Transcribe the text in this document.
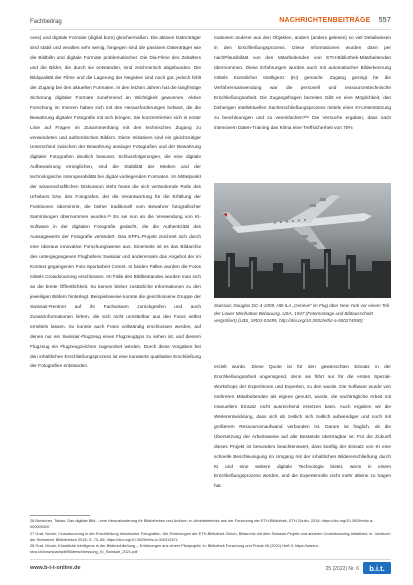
Fachbeitrag	NACHRICHTENBEITRÄGE 557

cess) und digitale Formate (digital born) gleichermaßen. Die aktiven Datenträger sind stabil und veralten sehr wenig, hingegen sind die passiven Datenträger wie die Bildbilln und digitale Formate problematischer. Die Dia-Filme des Zeitalters und die Bilder, die durch sie entstanden, sind zeichnerisch abgebunden. Die Bildqualität der Filme und die Lagerung der Negative sind noch gut, jedoch fehlt der Zugang bei den aktuellen Formaten. In den letzten Jahren hat die langfristige Sicherung digitaler Formate zunehmend an Wichtigkeit gewonnen. Aktive Forschung im Inneren haben sich mit den Herausforderungen befasst, die die Bewahrung digitaler Fotografie mit sich bringen. Sie konzentrierten sich in erster Linie auf Fragen im Zusammenhang mit den technischen Zugang zu verwendeten und authentischen Bildern. Diese Initiativen sind ein gleichzeitiger Unterschied zwischen der Bewahrung analoger Fotografien und der Bewahrung digitaler Fotografien deutlich bewusst. Schlussfolgerungen, die eine digitale Aufbewahrung ermöglichen, sind die Stabilität der Medien und der technologische Interoperabilität bei digital vorliegenden Formaten. Im Mittelpunkt der wissenschaftlichen Diskussion steht heute die sich verändernde Rolle des Urhebers bzw. des Fotografen, der die Verantwortung für die Erfüllung der Funktionen übernimmt, die bisher traditionell vom Bewahrer fotografischer Sammlungen übernommen wurden.²⁶ Es sei nun an die Verwendung von KI-Software in der digitalen Fotografie gedacht, die die Authentizität des Aussagewerts der Fotografie verändert. Das EPFL-Projekt zeichnet sich durch eine überaus innovative Forschungsweise aus. Einerseits ist es das Bildarchiv des untergegangenen Flughafens Swissair und andererseits das Angebot der im Kontext gegangenen Foto-Sportarbeit Comet. In beiden Fällen wurden die Fotos mittels Crowdsourcing erschlossen. Im Falle des Bildbestandes wurden man sich an die breite Öffentlichkeit. So kamen bisher zusätzliche Informationen zu den jeweiligen Bildern hinterlegt. Beispielsweise konnte die geschlossene Gruppe der Swissair-Rentner auf ihr Fachwissen zurückgreifen und auch Zusatzinformationen liefern, die sich nicht unmittelbar aus den Fotos selbst ermitteln lassen. So konnte auch Fotos vollständig erschlossen werden, auf denen nur ein Swissair-Flugzeug eines Flugzeugtyps zu sehen ist, und diesem Flugzeug ein Flugzeugzeichen zugeordnet werden. Durch diese Vorgaben bei den inhaltlichen Erschließungsprozess ist eine kuratierte qualitative Erschließung der Fotografien entstanden.

mationen anderer aus den Objekten, anders (anders gelesen) so viel Detailwissen in den Erschließungsprozess. Diese Informationen wurden dann per nachPlausibilität von den Mitarbeitenden von ETH-Bibliothek-Mitarbeitenden übernommen. Diese Erfahrungen wurden auch mit automatischer Bilderkennung mittels Künstlicher Intelligenz (KI) gemacht. Zugang gezeigt für die Verfahrensanwendung war die personell und ressourcentechnische Erschließungsarbeit. Die Zugangsfragen bezeiten Gibt es eine Möglichkeit, den bisherigen intellektuellen Sacherschließungsprozess mittels einer KI-Unterstützung zu beschleunigen und zu vereinfachen?²⁸ Die Versuche ergaben, dass nach intensivem Daten-Training das Klima eine Treffsicherheit von 70%

Swissair, Douglas DC-4-1009, HB-ILA „Genève“ im Flug über New York vor einem Teil der Lower Manhattan Bebauung. USA, 1947 (Fotomontage und Bildausschnitt vergrößert) (LBS_SR03-03495, http://doi.org/10.3932/ethz-a-000274590)

erzielt wurde. Diese Quote ist für den gewünschten Einsatz in der Erschließungsarbeit ungenügend, denn sie führt nur für die ersten Spezial-Workshops der Expertinnen und Experten, zu den wurde. Die Software wurde von mehreren Mitarbeitenden als eigene genutzt, wurde, die nachträgliche Arbeit mit manuellem Einsatz nicht ausreichend ersetzen kann. Auch ergaben wir die Weiterentwicklung, dass sich ab zeitlich sich zeitlich aufwendiger und noch mit größerem Ressourcenaufwand verbunden ist. Darum ist fraglich, ob die Übersetzung der Arbeitsweise auf alle Bestände übertragbar ist. Für die Zukunft dieses Projekt ist besonders beachtenswert, dass künftig der Einsatz von KI eine schnelle Beschleunigung im Umgang mit der inhaltlichen Bildererschließung durch KI und eine weitere digitale Technologie bietet, wenn in einem Erschließungsprozess werden, und die Expertenrolle nicht mehr alleine zu tragen hat.

26 Burtscher, Tobias, Das digitale Bild – eine Herausforderung für Bibliotheken und Archive; in: Arbeitsberichte aus der Forschung der ETH-Bibliothek, ETH Zürich, 2018; https://doi.org/10.3929/ethz-a-000000000
27 Graf, Nicole; Crowdsourcing in der Erschließung historischer Fotografien. Die Erfahrungen der ETH-Bibliothek Zürich, Bildarchiv mit dem Swissair-Projekt und anderen Crowdsourcing-Initiativen; in: Jahrbuch der Schweizer Bibliotheken 2018, S. 73–85; https://doi.org/10.3929/ethz-b-000312571
28 Graf, Nicole; Künstliche Intelligenz in der Bilderschließung – Erfahrungen aus einem Pilotprojekt; in: Bibliothek Forschung und Praxis 45 (2021) Heft 3; https://www.e-rara.ch/download/pdf/Bilderschliessung_KI_Swissair_2021.pdf
www.b-i-t-online.de	25 (2022) Nr. 6 b.i.t.
